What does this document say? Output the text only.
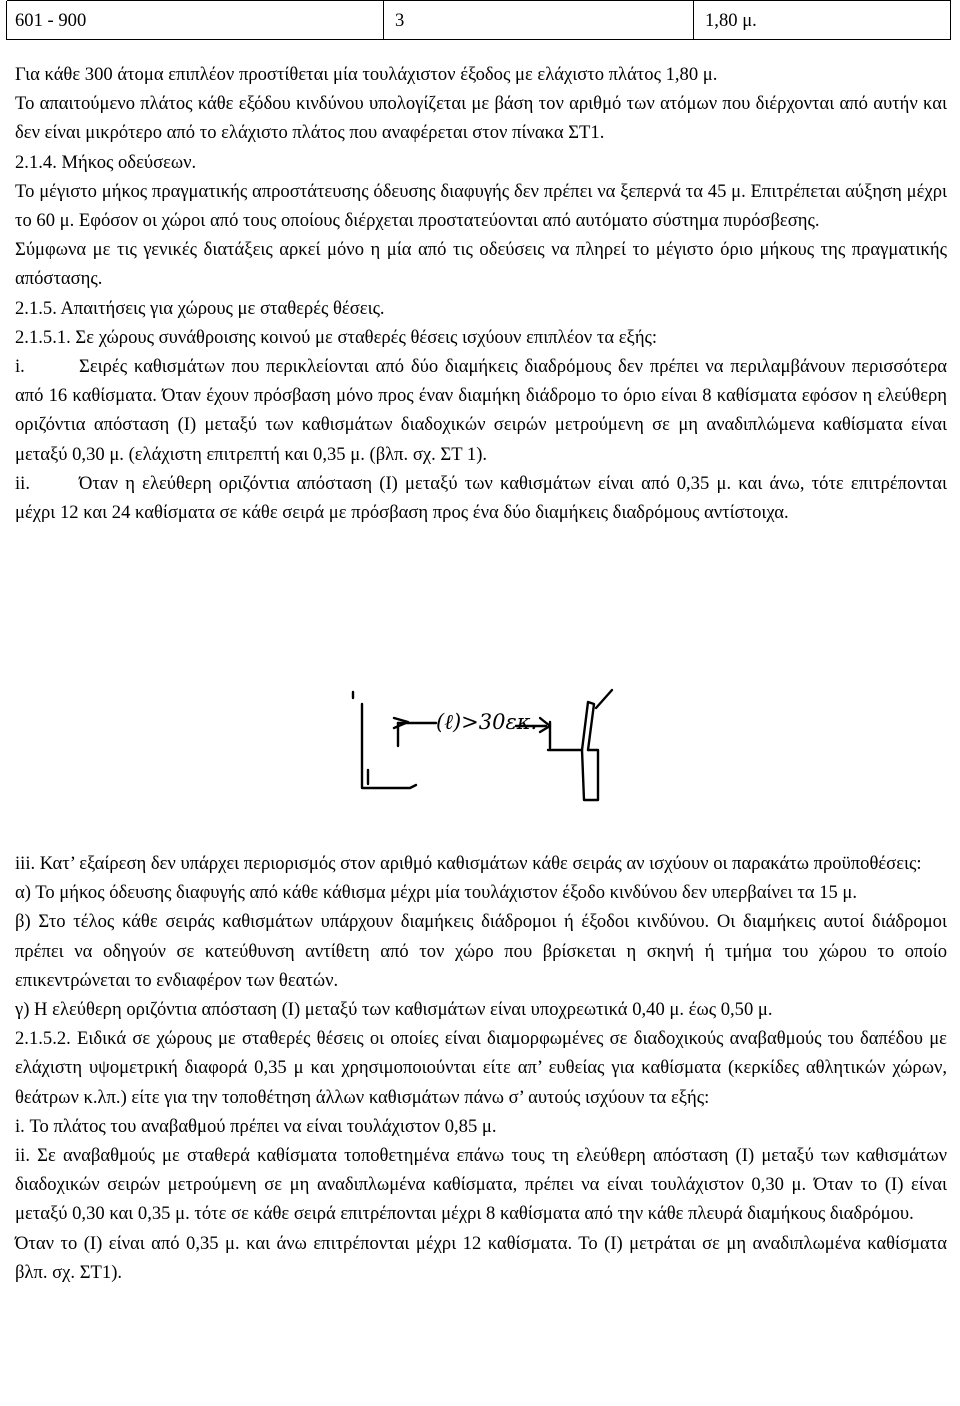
601 - 900	3	1,80 μ.

Για κάθε 300 άτομα επιπλέον προστίθεται μία τουλάχιστον έξοδος με ελάχιστο πλάτος 1,80 μ.

Το απαιτούμενο πλάτος κάθε εξόδου κινδύνου υπολογίζεται με βάση τον αριθμό των ατόμων που διέρχονται από αυτήν και δεν είναι μικρότερο από το ελάχιστο πλάτος που αναφέρεται στον πίνακα ΣΤ1.

2.1.4. Μήκος οδεύσεων.

Το μέγιστο μήκος πραγματικής απροστάτευσης όδευσης διαφυγής δεν πρέπει να ξεπερνά τα 45 μ. Επιτρέπεται αύξηση μέχρι το 60 μ. Εφόσον οι χώροι από τους οποίους διέρχεται προστατεύονται από αυτόματο σύστημα πυρόσβεσης.

Σύμφωνα με τις γενικές διατάξεις αρκεί μόνο η μία από τις οδεύσεις να πληρεί το μέγιστο όριο μήκους της πραγματικής απόστασης.

2.1.5. Απαιτήσεις για χώρους με σταθερές θέσεις.

2.1.5.1. Σε χώρους συνάθροισης κοινού με σταθερές θέσεις ισχύουν επιπλέον τα εξής:

i.	Σειρές καθισμάτων που περικλείονται από δύο διαμήκεις διαδρόμους δεν πρέπει να περιλαμβάνουν περισσότερα από 16 καθίσματα. Όταν έχουν πρόσβαση μόνο προς έναν διαμήκη διάδρομο το όριο είναι 8 καθίσματα εφόσον η ελεύθερη οριζόντια απόσταση (Ι) μεταξύ των καθισμάτων διαδοχικών σειρών μετρούμενη σε μη αναδιπλώμενα καθίσματα είναι μεταξύ 0,30 μ. (ελάχιστη επιτρεπτή και 0,35 μ. (βλπ. σχ. ΣΤ 1).

ii.	Όταν η ελεύθερη οριζόντια απόσταση (Ι) μεταξύ των καθισμάτων είναι από 0,35 μ. και άνω, τότε επιτρέπονται μέχρι 12 και 24 καθίσματα σε κάθε σειρά με πρόσβαση προς ένα δύο διαμήκεις διαδρόμους αντίστοιχα.

(ℓ)>30εκ.

iii. Κατ’ εξαίρεση δεν υπάρχει περιορισμός στον αριθμό καθισμάτων κάθε σειράς αν ισχύουν οι παρακάτω προϋποθέσεις:

α) Το μήκος όδευσης διαφυγής από κάθε κάθισμα μέχρι μία τουλάχιστον έξοδο κινδύνου δεν υπερβαίνει τα 15 μ.

β) Στο τέλος κάθε σειράς καθισμάτων υπάρχουν διαμήκεις διάδρομοι ή έξοδοι κινδύνου. Οι διαμήκεις αυτοί διάδρομοι πρέπει να οδηγούν σε κατεύθυνση αντίθετη από τον χώρο που βρίσκεται η σκηνή ή τμήμα του χώρου το οποίο επικεντρώνεται το ενδιαφέρον των θεατών.

γ) Η ελεύθερη οριζόντια απόσταση (Ι) μεταξύ των καθισμάτων είναι υποχρεωτικά 0,40 μ. έως 0,50 μ.

2.1.5.2. Ειδικά σε χώρους με σταθερές θέσεις οι οποίες είναι διαμορφωμένες σε διαδοχικούς αναβαθμούς του δαπέδου με ελάχιστη υψομετρική διαφορά 0,35 μ και χρησιμοποιούνται είτε απ’ ευθείας για καθίσματα (κερκίδες αθλητικών χώρων, θεάτρων κ.λπ.) είτε για την τοποθέτηση άλλων καθισμάτων πάνω σ’ αυτούς ισχύουν τα εξής:

i. Το πλάτος του αναβαθμού πρέπει να είναι τουλάχιστον 0,85 μ.

ii. Σε αναβαθμούς με σταθερά καθίσματα τοποθετημένα επάνω τους τη ελεύθερη απόσταση (Ι) μεταξύ των καθισμάτων διαδοχικών σειρών μετρούμενη σε μη αναδιπλωμένα καθίσματα, πρέπει να είναι τουλάχιστον 0,30 μ. Όταν το (Ι) είναι μεταξύ 0,30 και 0,35 μ. τότε σε κάθε σειρά επιτρέπονται μέχρι 8 καθίσματα από την κάθε πλευρά διαμήκους διαδρόμου.

Όταν το (Ι) είναι από 0,35 μ. και άνω επιτρέπονται μέχρι 12 καθίσματα. Το (Ι) μετράται σε μη αναδιπλωμένα καθίσματα βλπ. σχ. ΣΤ1).
